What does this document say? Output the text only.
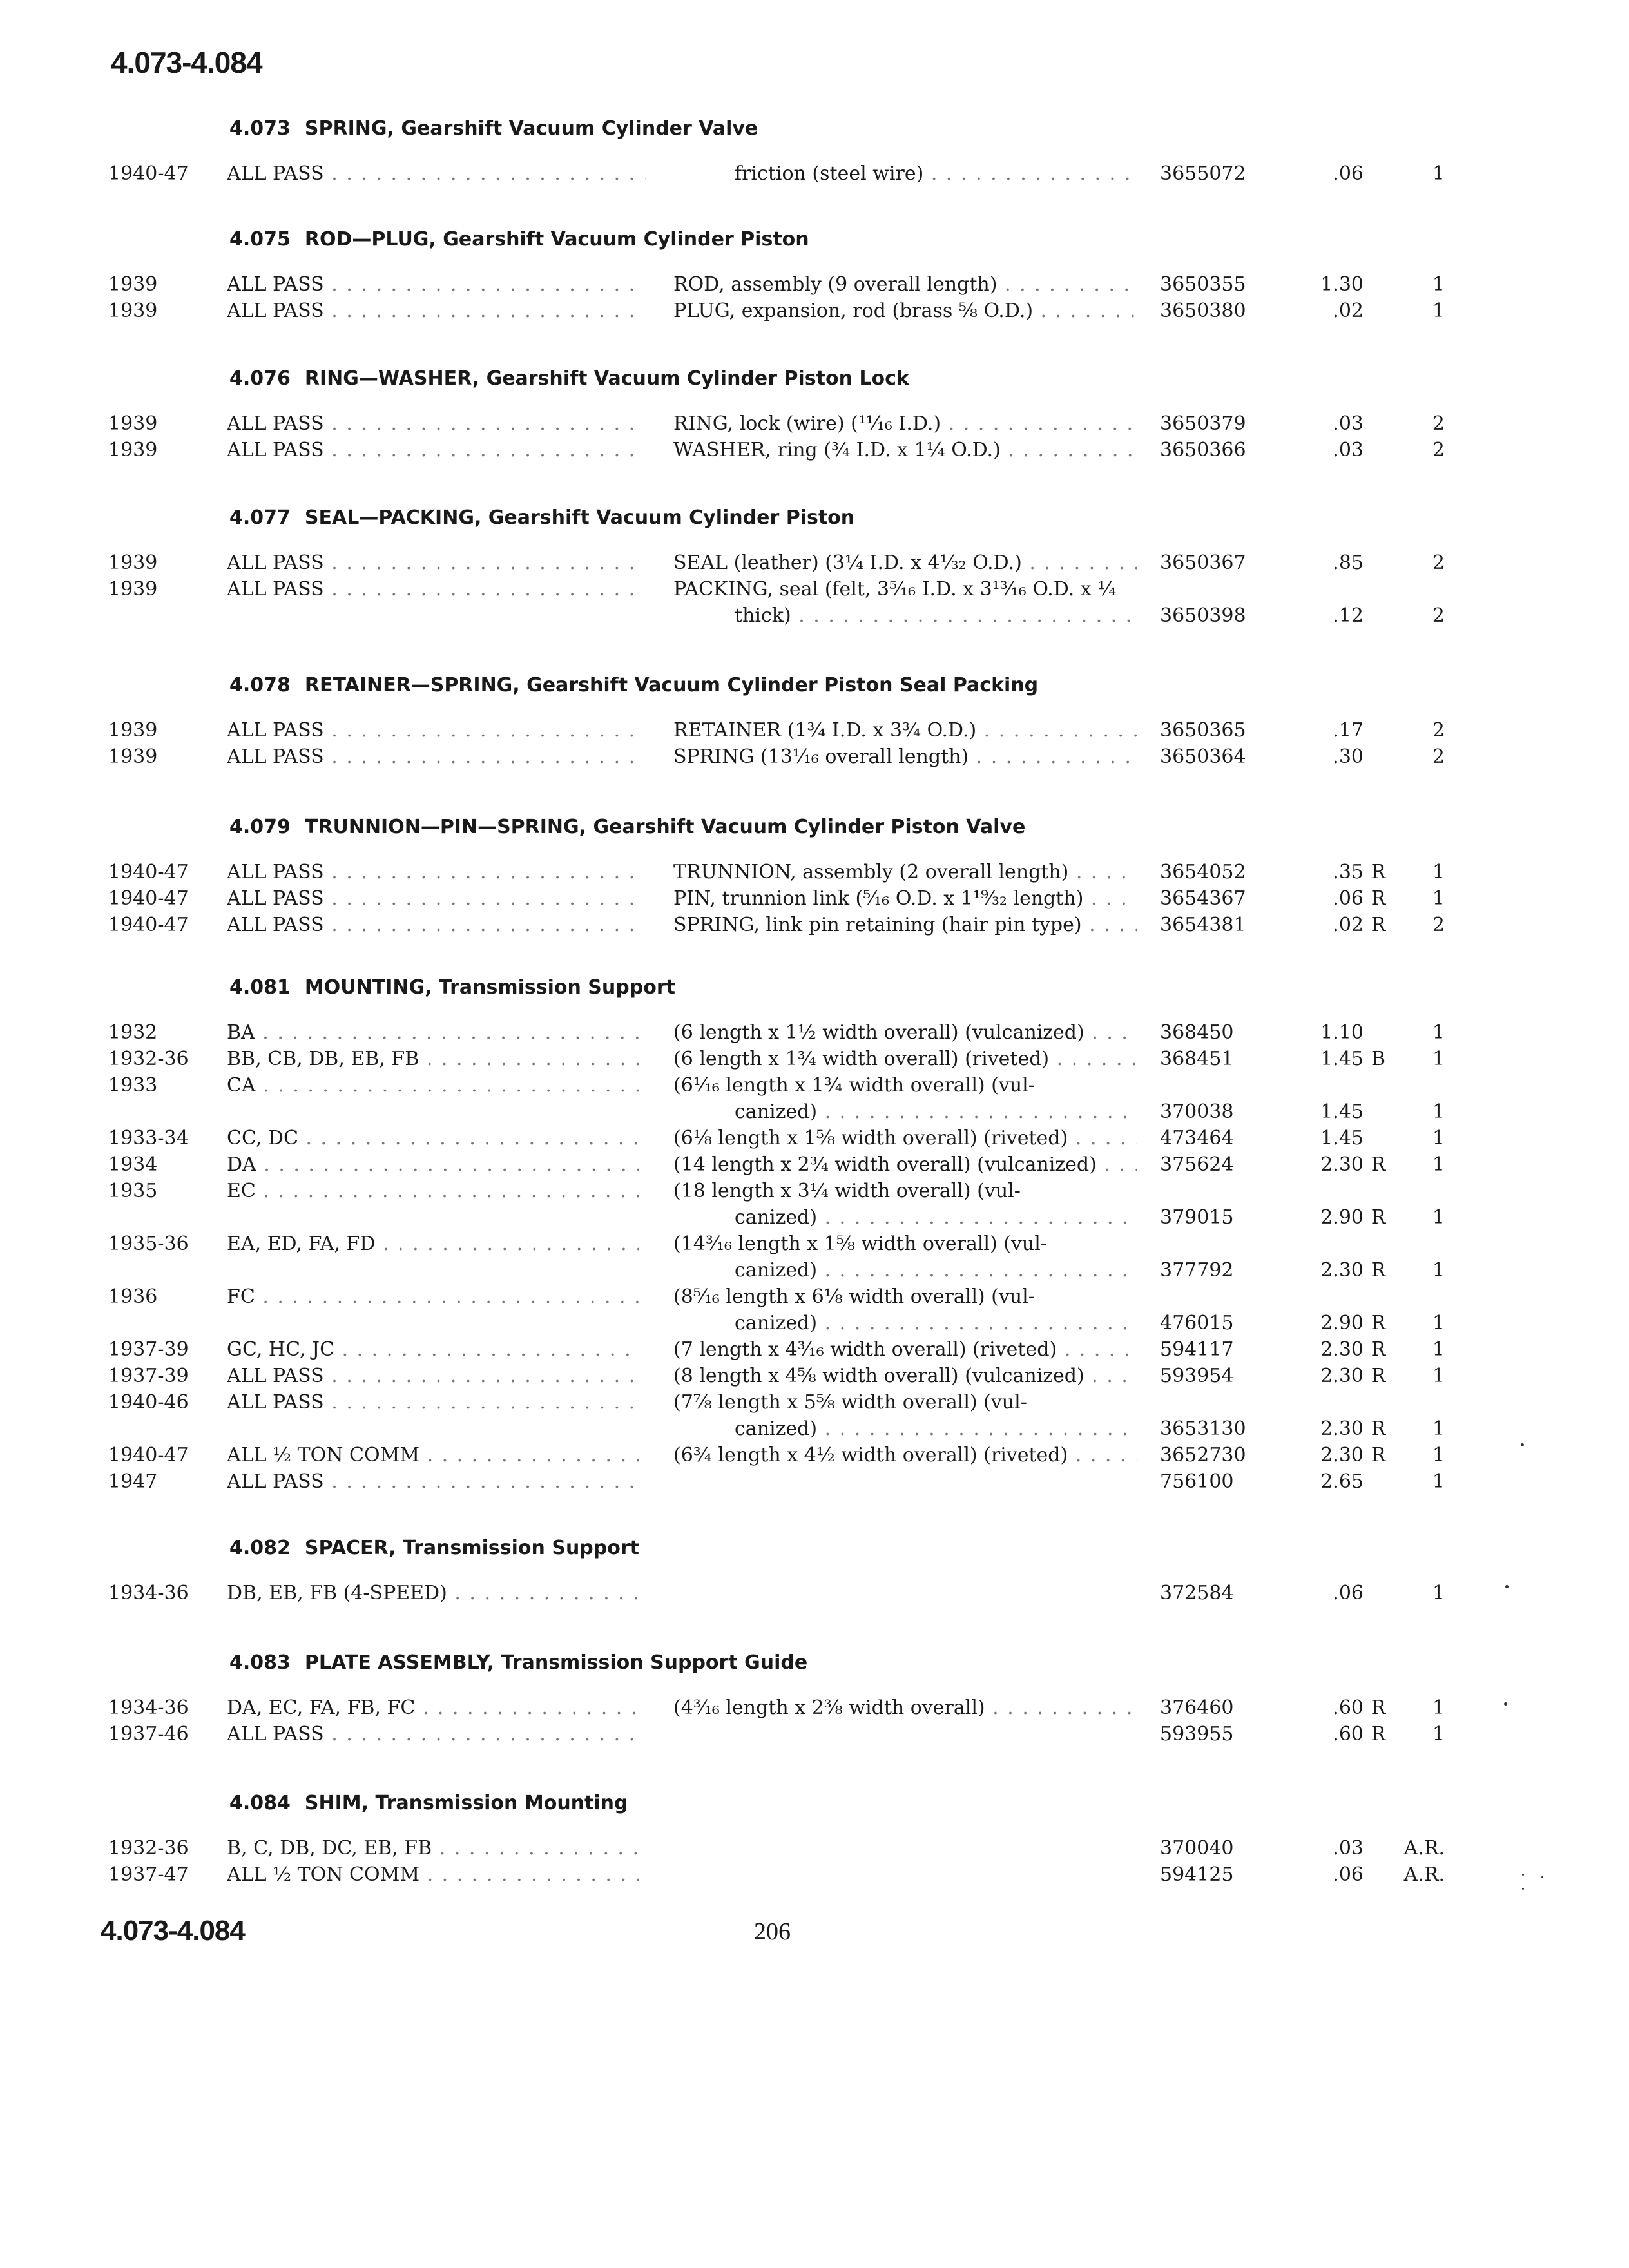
4.073-4.084
4.073 SPRING, Gearshift Vacuum Cylinder Valve
1940-47 ALL PASS . . .	friction (steel wire) . . .	3655072	.06	1
4.075 ROD—PLUG, Gearshift Vacuum Cylinder Piston
1939	ALL PASS . . .	ROD, assembly (9 overall length) . . .	3650355	1.30	1
1939	ALL PASS . . .	PLUG, expansion, rod (brass ⅝ O.D.) . . .	3650380	.02	1
4.076 RING—WASHER, Gearshift Vacuum Cylinder Piston Lock
1939	ALL PASS . . .	RING, lock (wire) (¹¹⁄₁₆ I.D.) . . .	3650379	.03	2
1939	ALL PASS . . .	WASHER, ring (¾ I.D. x 1¼ O.D.) . . .	3650366	.03	2
4.077 SEAL—PACKING, Gearshift Vacuum Cylinder Piston
1939	ALL PASS . . .	SEAL (leather) (3¼ I.D. x 4¹⁄₃₂ O.D.) . . .	3650367	.85	2
1939	ALL PASS . . .	PACKING, seal (felt, 3⁵⁄₁₆ I.D. x 3¹³⁄₁₆ O.D. x ¼
thick) . . .	3650398	.12	2
4.078 RETAINER—SPRING, Gearshift Vacuum Cylinder Piston Seal Packing
1939	ALL PASS . . .	RETAINER (1¾ I.D. x 3¾ O.D.) . . .	3650365	.17	2
1939	ALL PASS . . .	SPRING (13¹⁄₁₆ overall length) . . .	3650364	.30	2
4.079 TRUNNION—PIN—SPRING, Gearshift Vacuum Cylinder Piston Valve
1940-47 ALL PASS . . .	TRUNNION, assembly (2 overall length) . . .	3654052	.35 R	1
1940-47 ALL PASS . . .	PIN, trunnion link (⁵⁄₁₆ O.D. x 1¹⁹⁄₃₂ length) . . .	3654367	.06 R	1
1940-47 ALL PASS . . .	SPRING, link pin retaining (hair pin type) . . .	3654381	.02 R	2
4.081 MOUNTING, Transmission Support
1932	BA . . .	(6 length x 1½ width overall) (vulcanized) . . .	368450	1.10	1
1932-36 BB, CB, DB, EB, FB . . .	(6 length x 1¾ width overall) (riveted) . . .	368451	1.45 B	1
1933	CA . . .	(6¹⁄₁₆ length x 1¾ width overall) (vul-
canized) . . .	370038	1.45	1
1933-34 CC, DC . . .	(6⅛ length x 1⅝ width overall) (riveted) . . .	473464	1.45	1
1934	DA . . .	(14 length x 2¾ width overall) (vulcanized) . . .	375624	2.30 R	1
1935	EC . . .	(18 length x 3¼ width overall) (vul-
canized) . . .	379015	2.90 R	1
1935-36 EA, ED, FA, FD . . .	(14³⁄₁₆ length x 1⅝ width overall) (vul-
canized) . . .	377792	2.30 R	1
1936	FC . . .	(8⁵⁄₁₆ length x 6⅛ width overall) (vul-
canized) . . .	476015	2.90 R	1
1937-39 GC, HC, JC . . .	(7 length x 4³⁄₁₆ width overall) (riveted) . . .	594117	2.30 R	1
1937-39 ALL PASS . . .	(8 length x 4⅝ width overall) (vulcanized) . . .	593954	2.30 R	1
1940-46 ALL PASS . . .	(7⅞ length x 5⅝ width overall) (vul-
canized) . . .	3653130	2.30 R	1
1940-47 ALL ½ TON COMM . . .	(6¾ length x 4½ width overall) (riveted) . . .	3652730	2.30 R	1
1947	ALL PASS . . .	756100	2.65	1
4.082 SPACER, Transmission Support
1934-36 DB, EB, FB (4-SPEED) . . .	372584	.06	1
4.083 PLATE ASSEMBLY, Transmission Support Guide
1934-36 DA, EC, FA, FB, FC . . .	(4³⁄₁₆ length x 2⅜ width overall) . . .	376460	.60 R	1
1937-46 ALL PASS . . .	593955	.60 R	1
4.084 SHIM, Transmission Mounting
1932-36 B, C, DB, DC, EB, FB . . .	370040	.03	A.R.
1937-47 ALL ½ TON COMM . . .	594125	.06	A.R.
4.073-4.084	206
